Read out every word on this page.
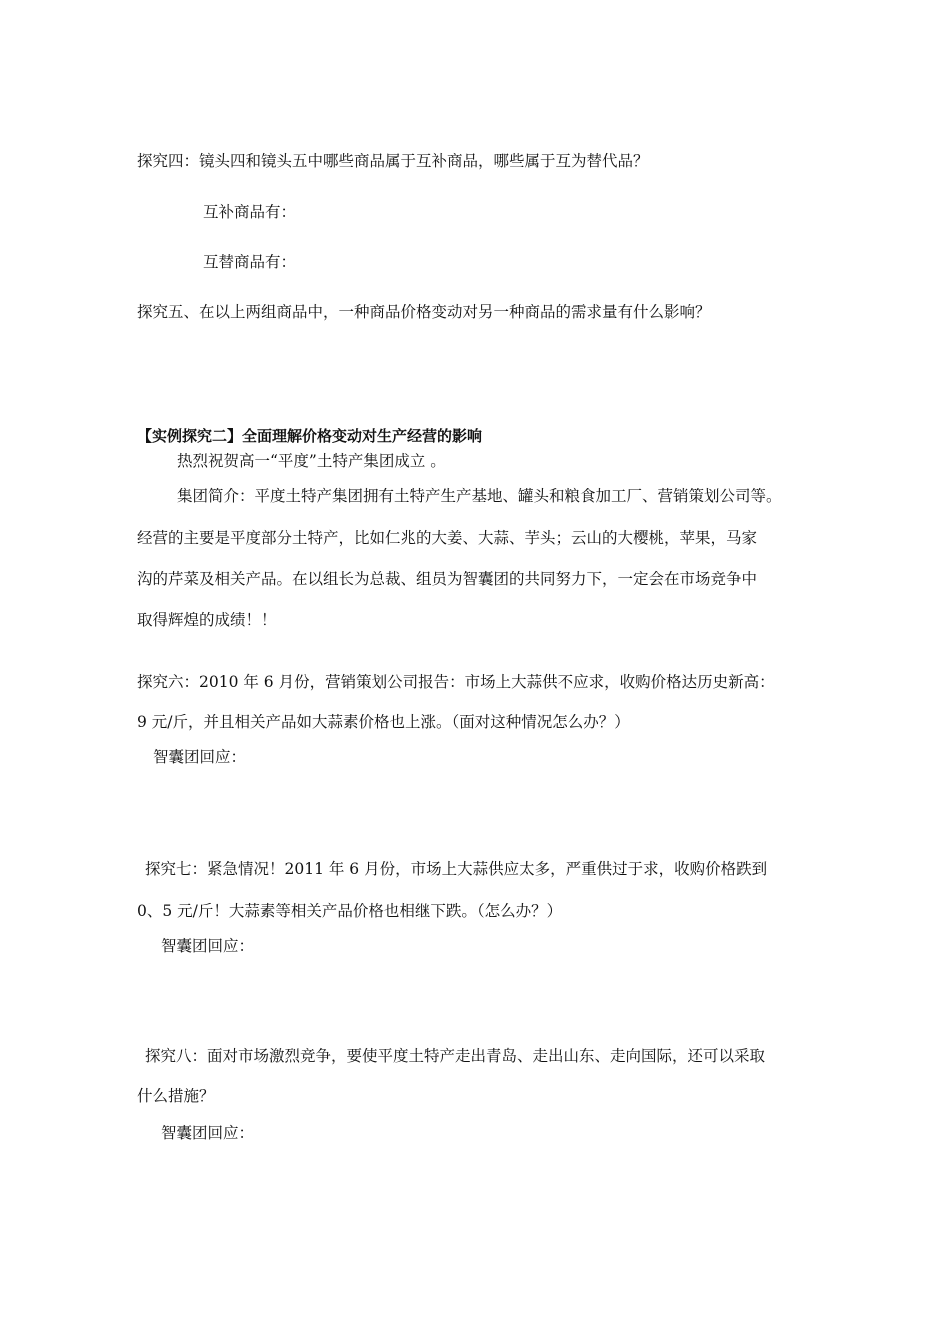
探究四：镜头四和镜头五中哪些商品属于互补商品，哪些属于互为替代品？
互补商品有：
互替商品有：
探究五、在以上两组商品中，一种商品价格变动对另一种商品的需求量有什么影响？
【实例探究二】全面理解价格变动对生产经营的影响
热烈祝贺高一“平度”土特产集团成立 。
集团简介：平度土特产集团拥有土特产生产基地、罐头和粮食加工厂、营销策划公司等。
经营的主要是平度部分土特产，比如仁兆的大姜、大蒜、芋头；云山的大樱桃，苹果，马家
沟的芹菜及相关产品。在以组长为总裁、组员为智囊团的共同努力下，一定会在市场竞争中
取得辉煌的成绩！！
探究六：2010 年 6 月份，营销策划公司报告：市场上大蒜供不应求，收购价格达历史新高：
9 元/斤，并且相关产品如大蒜素价格也上涨。（面对这种情况怎么办？）
智囊团回应：
探究七：紧急情况！2011 年 6 月份，市场上大蒜供应太多，严重供过于求，收购价格跌到
0、5 元/斤！大蒜素等相关产品价格也相继下跌。（怎么办？）
智囊团回应：
探究八：面对市场激烈竞争，要使平度土特产走出青岛、走出山东、走向国际，还可以采取
什么措施？
智囊团回应：
